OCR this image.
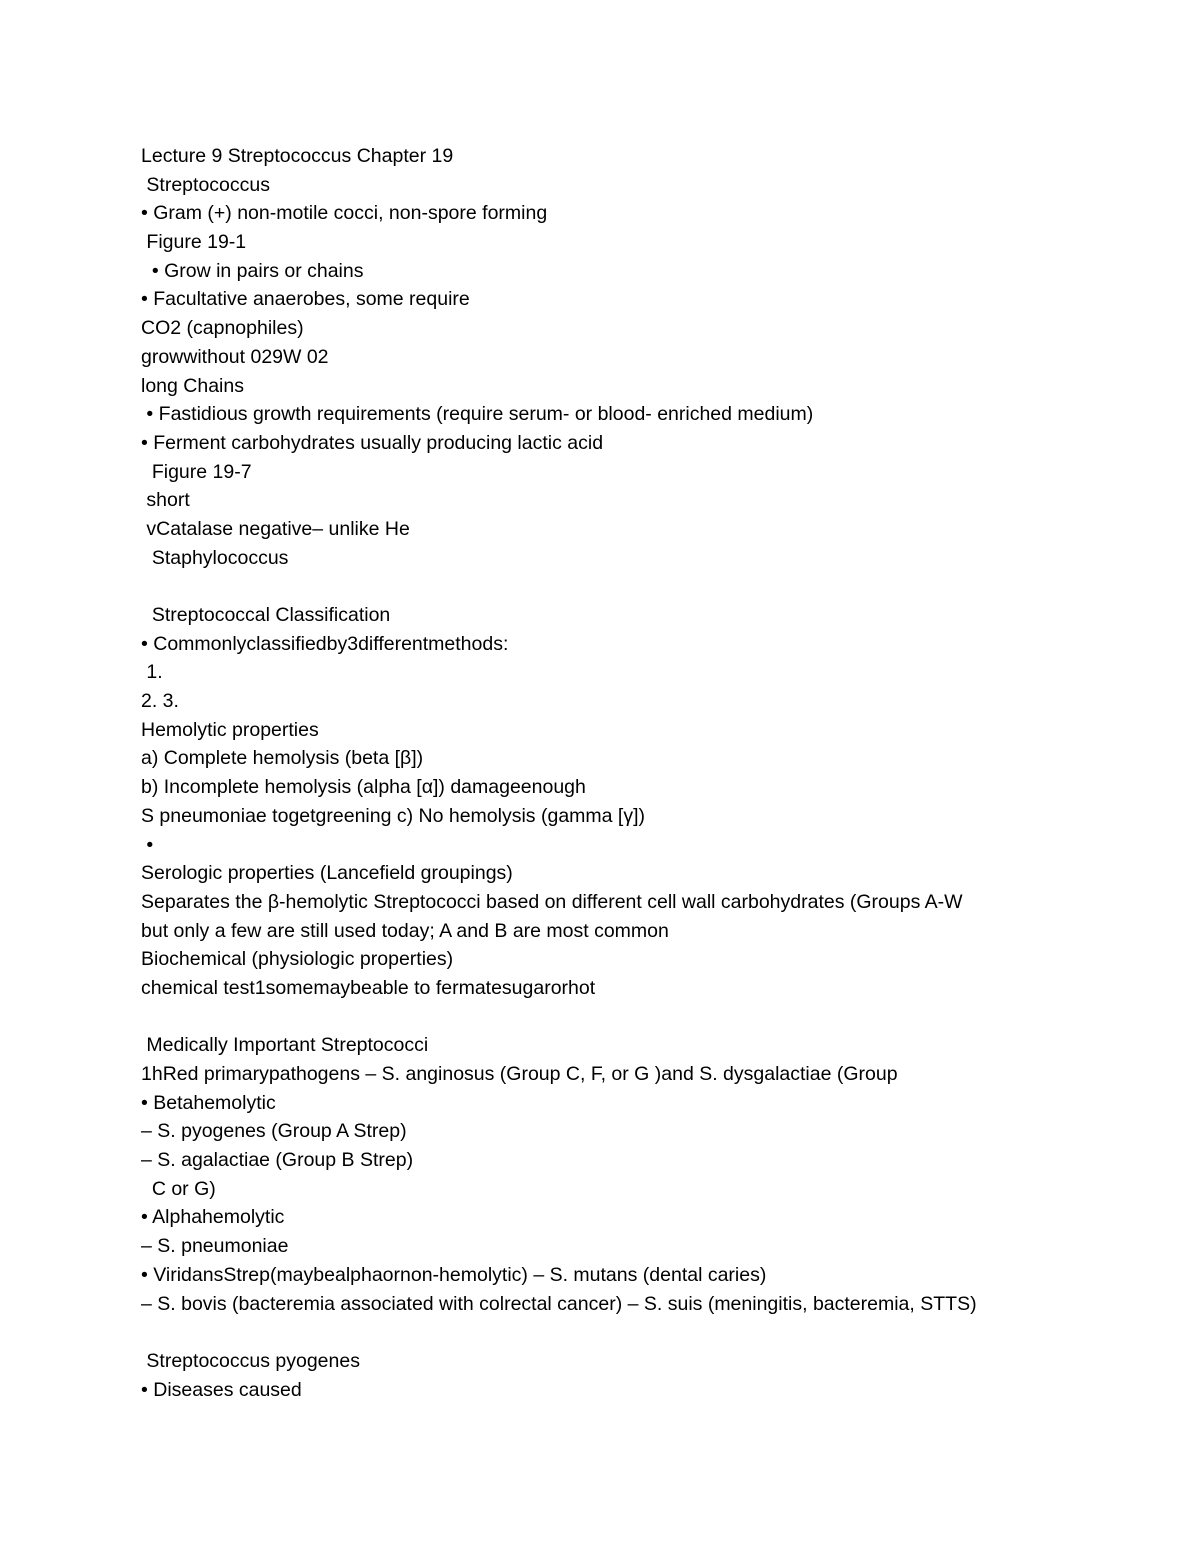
Lecture 9 Streptococcus Chapter 19
Streptococcus
• Gram (+) non-motile cocci, non-spore forming
Figure 19-1
• Grow in pairs or chains
• Facultative anaerobes, some require
CO2 (capnophiles)
growwithout 029W 02
long Chains
• Fastidious growth requirements (require serum- or blood- enriched medium)
• Ferment carbohydrates usually producing lactic acid
Figure 19-7
short
vCatalase negative– unlike He
Staphylococcus
Streptococcal Classification
• Commonlyclassifiedby3differentmethods:
1.
2. 3.
Hemolytic properties
a) Complete hemolysis (beta [β])
b) Incomplete hemolysis (alpha [α]) damageenough
S pneumoniae togetgreening c) No hemolysis (gamma [γ])
•
Serologic properties (Lancefield groupings)
Separates the β-hemolytic Streptococci based on different cell wall carbohydrates (Groups A-W
but only a few are still used today; A and B are most common
Biochemical (physiologic properties)
chemical test1somemaybeable to fermatesugarorhot
Medically Important Streptococci
1hRed primarypathogens – S. anginosus (Group C, F, or G )and S. dysgalactiae (Group
• Betahemolytic
– S. pyogenes (Group A Strep)
– S. agalactiae (Group B Strep)
C or G)
• Alphahemolytic
– S. pneumoniae
• ViridansStrep(maybealphaornon-hemolytic) – S. mutans (dental caries)
– S. bovis (bacteremia associated with colrectal cancer) – S. suis (meningitis, bacteremia, STTS)
Streptococcus pyogenes
• Diseases caused
